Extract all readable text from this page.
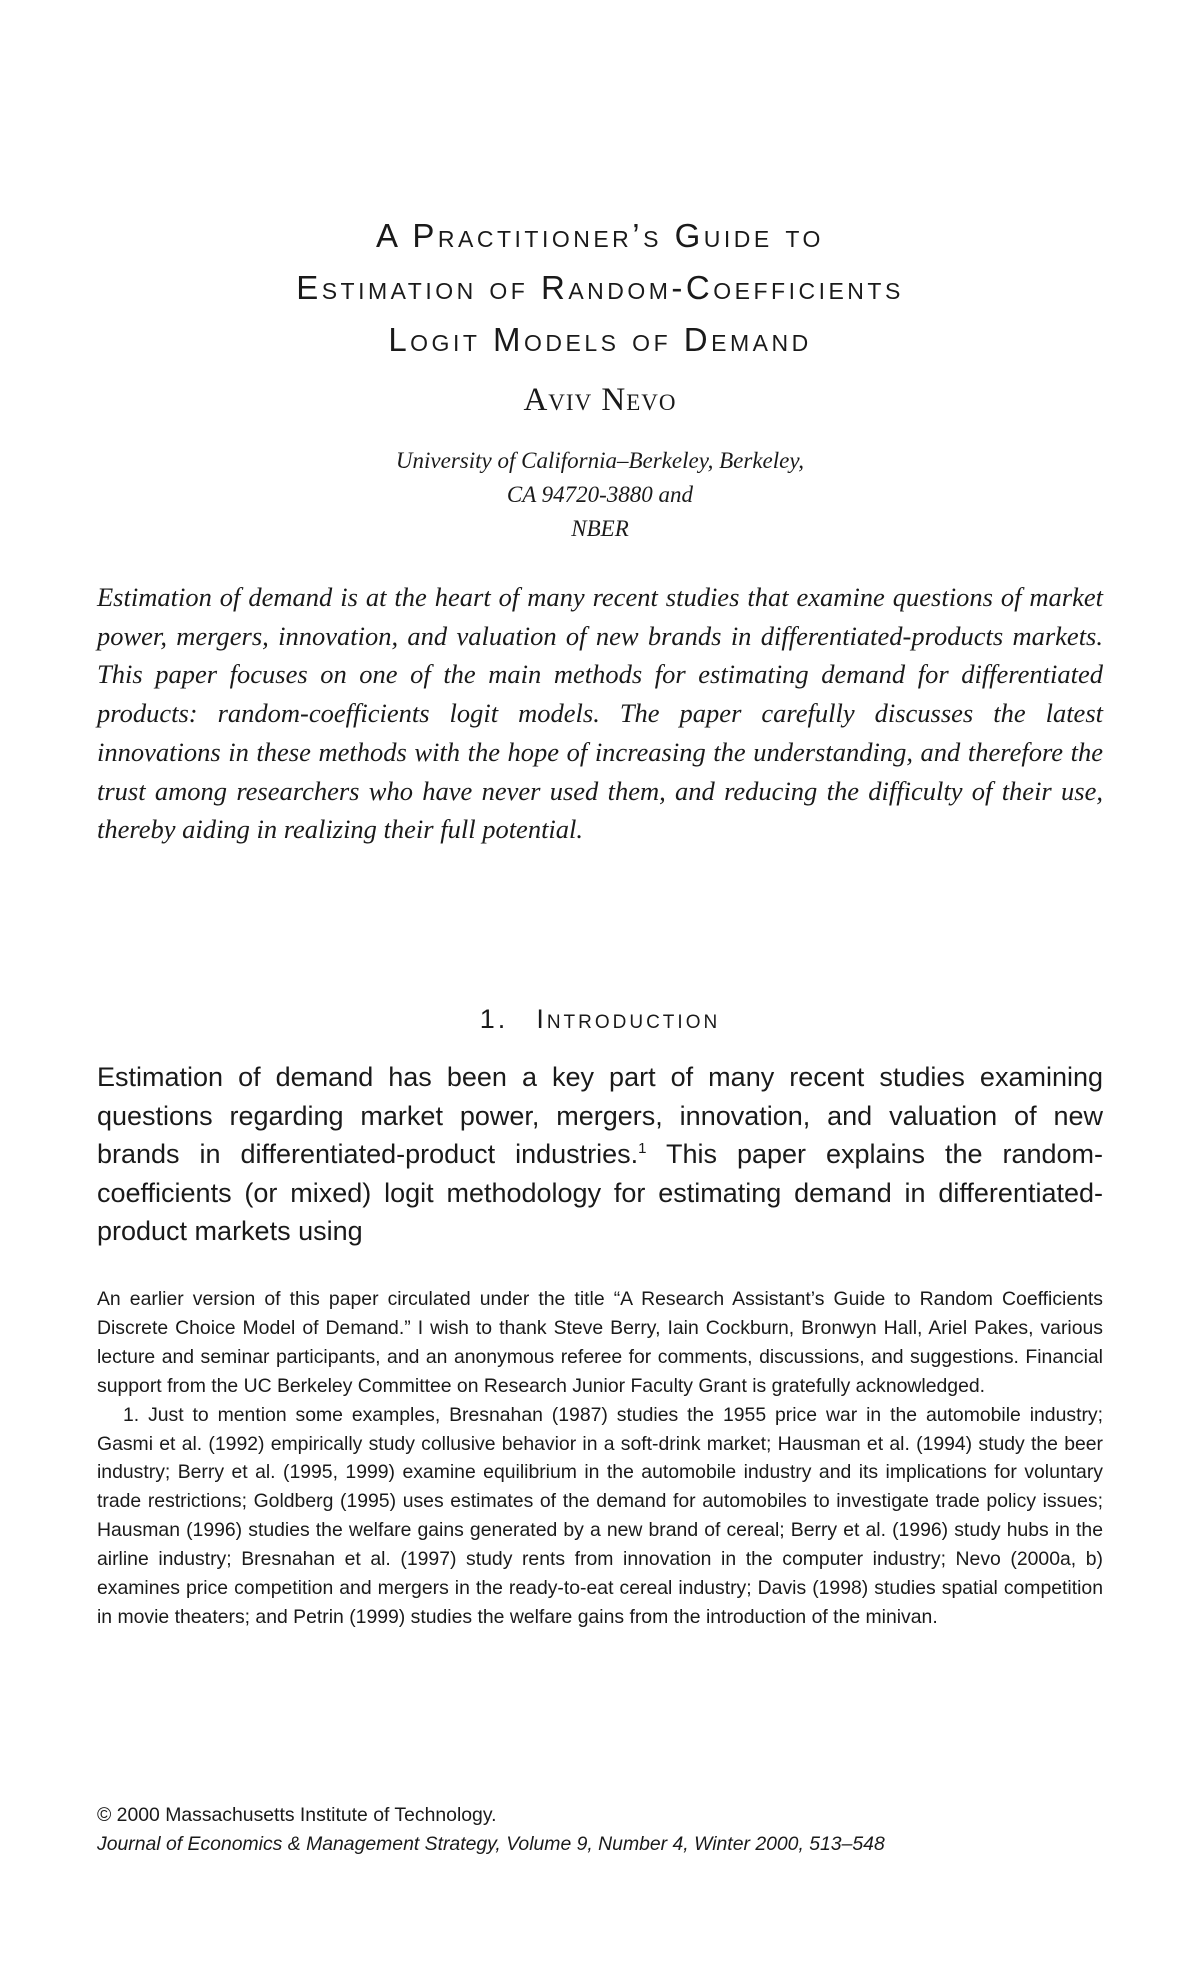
A Practitioner’s Guide to
Estimation of Random-Coefficients
Logit Models of Demand
Aviv Nevo
University of California–Berkeley, Berkeley,
CA 94720-3880 and
NBER

Estimation of demand is at the heart of many recent studies that examine questions of market power, mergers, innovation, and valuation of new brands in differentiated-products markets. This paper focuses on one of the main methods for estimating demand for differentiated products: random-coefficients logit models. The paper carefully discusses the latest innovations in these methods with the hope of increasing the understanding, and therefore the trust among researchers who have never used them, and reducing the difficulty of their use, thereby aiding in realizing their full potential.

1. Introduction

Estimation of demand has been a key part of many recent studies examining questions regarding market power, mergers, innovation, and valuation of new brands in differentiated-product industries.$^1$ This paper explains the random-coefficients (or mixed) logit methodology for estimating demand in differentiated-product markets using

An earlier version of this paper circulated under the title “A Research Assistant’s Guide to Random Coefficients Discrete Choice Model of Demand.” I wish to thank Steve Berry, Iain Cockburn, Bronwyn Hall, Ariel Pakes, various lecture and seminar participants, and an anonymous referee for comments, discussions, and suggestions. Financial support from the UC Berkeley Committee on Research Junior Faculty Grant is gratefully acknowledged.

1. Just to mention some examples, Bresnahan (1987) studies the 1955 price war in the automobile industry; Gasmi et al. (1992) empirically study collusive behavior in a soft-drink market; Hausman et al. (1994) study the beer industry; Berry et al. (1995, 1999) examine equilibrium in the automobile industry and its implications for voluntary trade restrictions; Goldberg (1995) uses estimates of the demand for automobiles to investigate trade policy issues; Hausman (1996) studies the welfare gains generated by a new brand of cereal; Berry et al. (1996) study hubs in the airline industry; Bresnahan et al. (1997) study rents from innovation in the computer industry; Nevo (2000a, b) examines price competition and mergers in the ready-to-eat cereal industry; Davis (1998) studies spatial competition in movie theaters; and Petrin (1999) studies the welfare gains from the introduction of the minivan.

© 2000 Massachusetts Institute of Technology.
Journal of Economics & Management Strategy, Volume 9, Number 4, Winter 2000, 513–548
